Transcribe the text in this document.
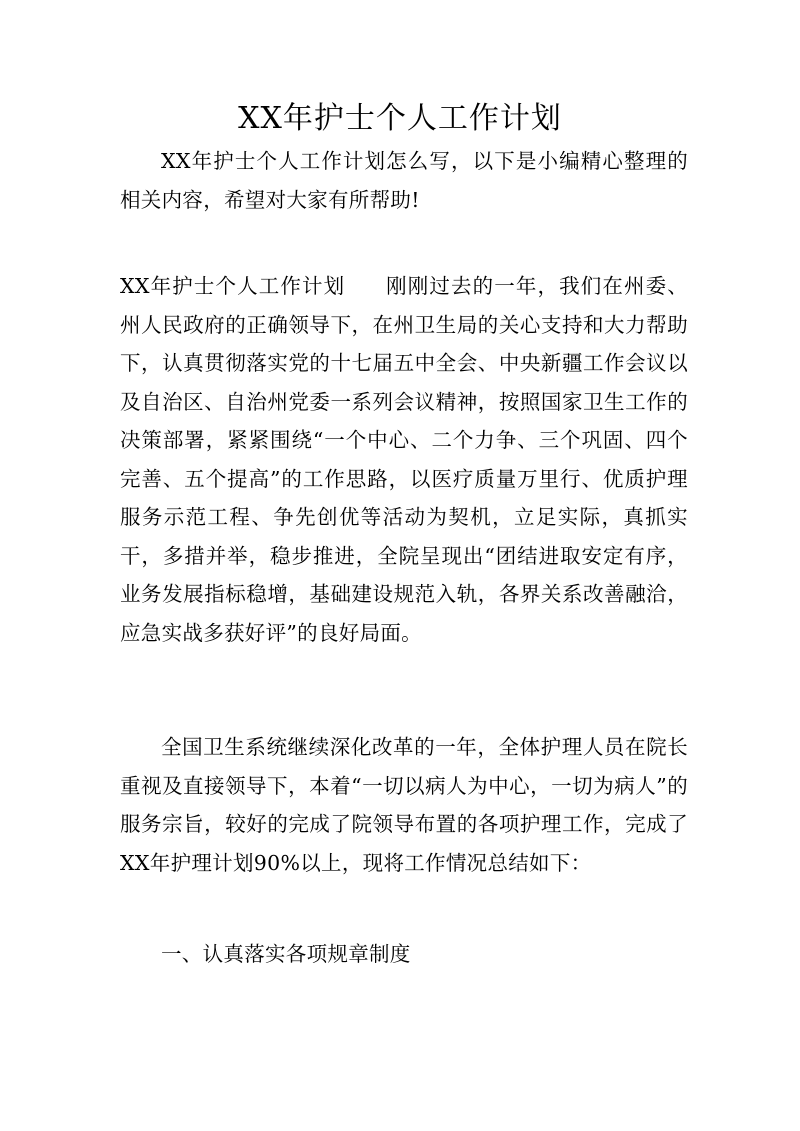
XX年护士个人工作计划

XX年护士个人工作计划怎么写，以下是小编精心整理的相关内容，希望对大家有所帮助!

XX年护士个人工作计划 刚刚过去的一年，我们在州委、州人民政府的正确领导下，在州卫生局的关心支持和大力帮助下，认真贯彻落实党的十七届五中全会、中央新疆工作会议以及自治区、自治州党委一系列会议精神，按照国家卫生工作的决策部署，紧紧围绕“一个中心、二个力争、三个巩固、四个完善、五个提高”的工作思路，以医疗质量万里行、优质护理服务示范工程、争先创优等活动为契机，立足实际，真抓实干，多措并举，稳步推进，全院呈现出“团结进取安定有序，业务发展指标稳增，基础建设规范入轨，各界关系改善融洽，应急实战多获好评”的良好局面。

全国卫生系统继续深化改革的一年，全体护理人员在院长重视及直接领导下，本着“一切以病人为中心，一切为病人”的服务宗旨，较好的完成了院领导布置的各项护理工作，完成了XX年护理计划90%以上，现将工作情况总结如下：

一、认真落实各项规章制度
